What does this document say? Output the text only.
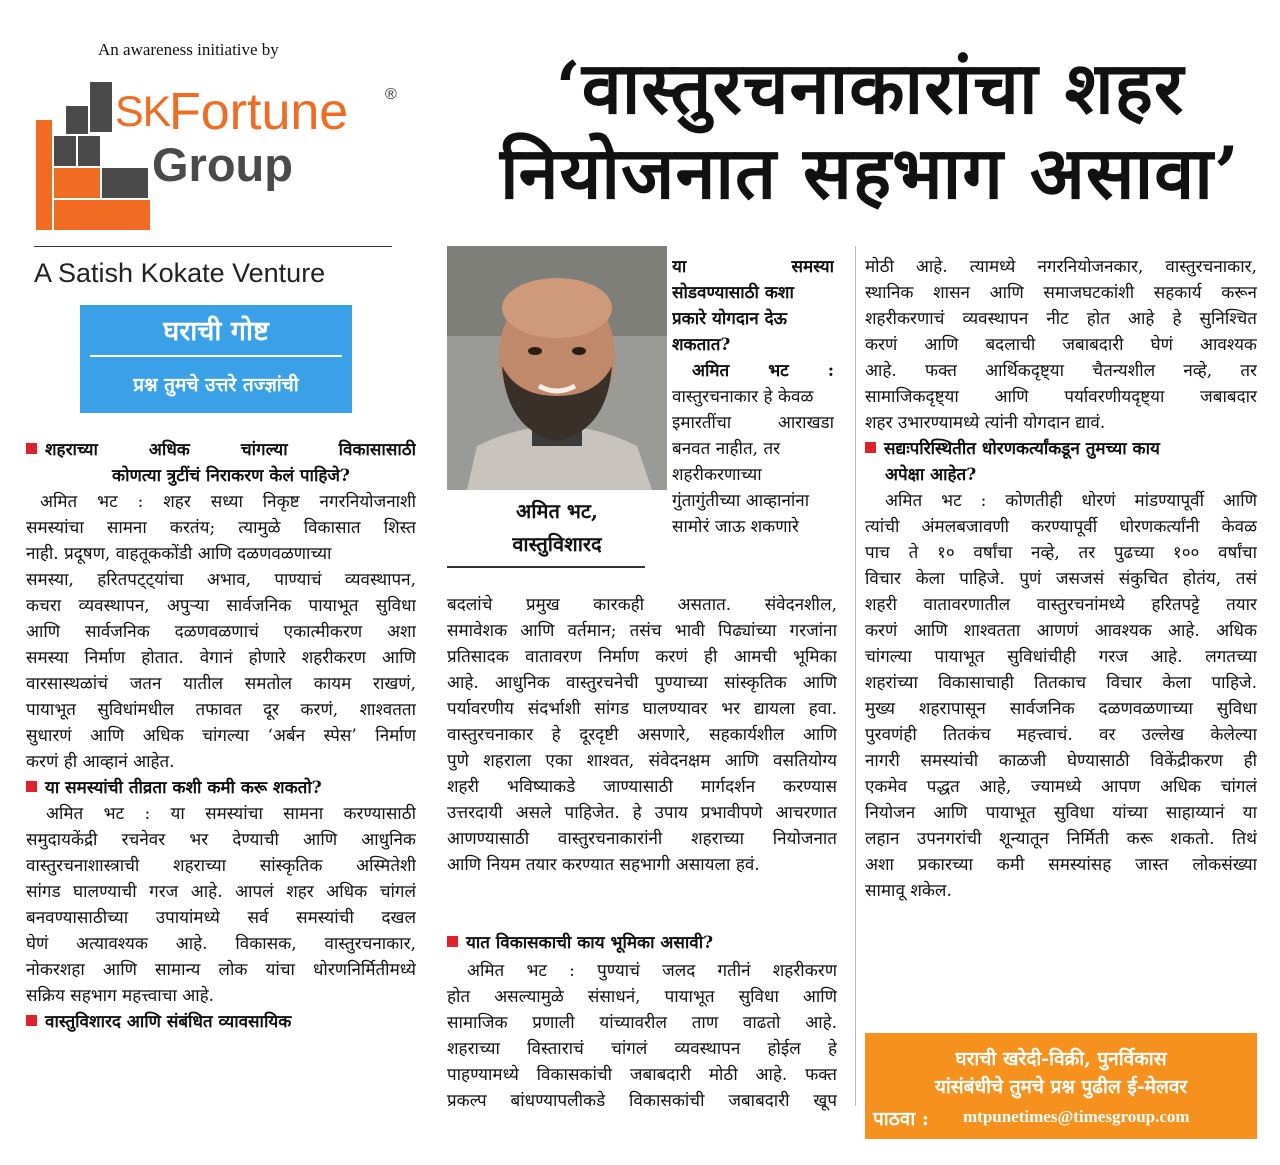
An awareness initiative by
SK
Fortune ®
Group
A Satish Kokate Venture
घराची गोष्ट
प्रश्न तुमचे उत्तरे तज्ज्ञांची
‘वास्तुरचनाकारांचा शहर
नियोजनात सहभाग असावा’
अमित भट,
वास्तुविशारद
शहराच्या अधिक चांगल्या विकासासाठी
कोणत्या त्रुटींचं निराकरण केलं पाहिजे?
अमित भट : शहर सध्या निकृष्ट नगरनियोजनाशी
समस्यांचा सामना करतंय; त्यामुळे विकासात शिस्त
नाही. प्रदूषण, वाहतूककोंडी आणि दळणवळणाच्या
समस्या, हरितपट्ट्यांचा अभाव, पाण्याचं व्यवस्थापन,
कचरा व्यवस्थापन, अपुऱ्या सार्वजनिक पायाभूत सुविधा
आणि सार्वजनिक दळणवळणाचं एकात्मीकरण अशा
समस्या निर्माण होतात. वेगानं होणारे शहरीकरण आणि
वारसास्थळांचं जतन यातील समतोल कायम राखणं,
पायाभूत सुविधांमधील तफावत दूर करणं, शाश्वतता
सुधारणं आणि अधिक चांगल्या ‘अर्बन स्पेस’ निर्माण
करणं ही आव्हानं आहेत.
या समस्यांची तीव्रता कशी कमी करू शकतो?
अमित भट : या समस्यांचा सामना करण्यासाठी
समुदायकेंद्री रचनेवर भर देण्याची आणि आधुनिक
वास्तुरचनाशास्त्राची शहराच्या सांस्कृतिक अस्मितेशी
सांगड घालण्याची गरज आहे. आपलं शहर अधिक चांगलं
बनवण्यासाठीच्या उपायांमध्ये सर्व समस्यांची दखल
घेणं अत्यावश्यक आहे. विकासक, वास्तुरचनाकार,
नोकरशहा आणि सामान्य लोक यांचा धोरणनिर्मितीमध्ये
सक्रिय सहभाग महत्त्वाचा आहे.
वास्तुविशारद आणि संबंधित व्यावसायिक
या समस्या
सोडवण्यासाठी कशा
प्रकारे योगदान देऊ
शकतात?
अमित भट :
वास्तुरचनाकार हे केवळ
इमारतींचा आराखडा
बनवत नाहीत, तर
शहरीकरणाच्या
गुंतागुंतीच्या आव्हानांना
सामोरं जाऊ शकणारे
बदलांचे प्रमुख कारकही असतात. संवेदनशील,
समावेशक आणि वर्तमान; तसंच भावी पिढ्यांच्या गरजांना
प्रतिसादक वातावरण निर्माण करणं ही आमची भूमिका
आहे. आधुनिक वास्तुरचनेची पुण्याच्या सांस्कृतिक आणि
पर्यावरणीय संदर्भाशी सांगड घालण्यावर भर द्यायला हवा.
वास्तुरचनाकार हे दूरदृष्टी असणारे, सहकार्यशील आणि
पुणे शहराला एका शाश्वत, संवेदनक्षम आणि वसतियोग्य
शहरी भविष्याकडे जाण्यासाठी मार्गदर्शन करण्यास
उत्तरदायी असले पाहिजेत. हे उपाय प्रभावीपणे आचरणात
आणण्यासाठी वास्तुरचनाकारांनी शहराच्या नियोजनात
आणि नियम तयार करण्यात सहभागी असायला हवं.
यात विकासकाची काय भूमिका असावी?
अमित भट : पुण्याचं जलद गतीनं शहरीकरण
होत असल्यामुळे संसाधनं, पायाभूत सुविधा आणि
सामाजिक प्रणाली यांच्यावरील ताण वाढतो आहे.
शहराच्या विस्ताराचं चांगलं व्यवस्थापन होईल हे
पाहण्यामध्ये विकासकांची जबाबदारी मोठी आहे. फक्त
प्रकल्प बांधण्यापलीकडे विकासकांची जबाबदारी खूप
मोठी आहे. त्यामध्ये नगरनियोजनकार, वास्तुरचनाकार,
स्थानिक शासन आणि समाजघटकांशी सहकार्य करून
शहरीकरणाचं व्यवस्थापन नीट होत आहे हे सुनिश्चित
करणं आणि बदलाची जबाबदारी घेणं आवश्यक
आहे. फक्त आर्थिकदृष्ट्या चैतन्यशील नव्हे, तर
सामाजिकदृष्ट्या आणि पर्यावरणीयदृष्ट्या जबाबदार
शहर उभारण्यामध्ये त्यांनी योगदान द्यावं.
सद्यःपरिस्थितीत धोरणकर्त्यांकडून तुमच्या काय
अपेक्षा आहेत?
अमित भट : कोणतीही धोरणं मांडण्यापूर्वी आणि
त्यांची अंमलबजावणी करण्यापूर्वी धोरणकर्त्यांनी केवळ
पाच ते १० वर्षांचा नव्हे, तर पुढच्या १०० वर्षांचा
विचार केला पाहिजे. पुणं जसजसं संकुचित होतंय, तसं
शहरी वातावरणातील वास्तुरचनांमध्ये हरितपट्टे तयार
करणं आणि शाश्वतता आणणं आवश्यक आहे. अधिक
चांगल्या पायाभूत सुविधांचीही गरज आहे. लगतच्या
शहरांच्या विकासाचाही तितकाच विचार केला पाहिजे.
मुख्य शहरापासून सार्वजनिक दळणवळणाच्या सुविधा
पुरवणंही तितकंच महत्त्वाचं. वर उल्लेख केलेल्या
नागरी समस्यांची काळजी घेण्यासाठी विकेंद्रीकरण ही
एकमेव पद्धत आहे, ज्यामध्ये आपण अधिक चांगलं
नियोजन आणि पायाभूत सुविधा यांच्या साहाय्यानं या
लहान उपनगरांची शून्यातून निर्मिती करू शकतो. तिथं
अशा प्रकारच्या कमी समस्यांसह जास्त लोकसंख्या
सामावू शकेल.
घराची खरेदी-विक्री, पुनर्विकास
यांसंबंधीचे तुमचे प्रश्न पुढील ई-मेलवर
पाठवा : mtpunetimes@timesgroup.com
